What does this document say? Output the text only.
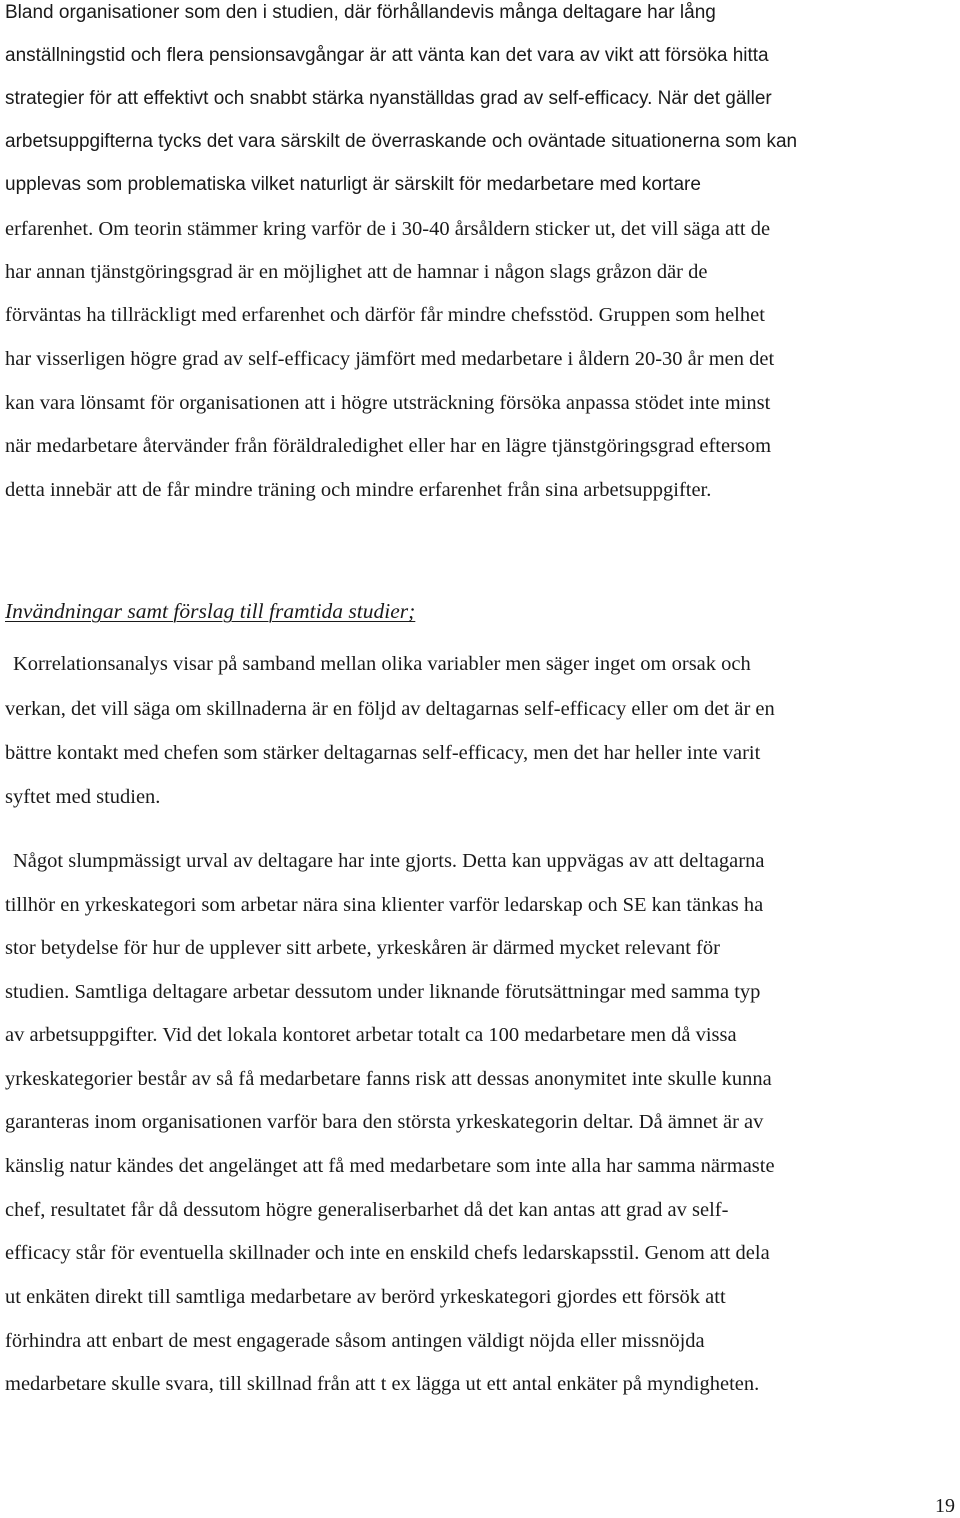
Bland organisationer som den i studien, där förhållandevis många deltagare har lång
anställningstid och flera pensionsavgångar är att vänta kan det vara av vikt att försöka hitta
strategier för att effektivt och snabbt stärka nyanställdas grad av self-efficacy. När det gäller
arbetsuppgifterna tycks det vara särskilt de överraskande och oväntade situationerna som kan
upplevas som problematiska vilket naturligt är särskilt för medarbetare med kortare
erfarenhet. Om teorin stämmer kring varför de i 30-40 årsåldern sticker ut, det vill säga att de
har annan tjänstgöringsgrad är en möjlighet att de hamnar i någon slags gråzon där de
förväntas ha tillräckligt med erfarenhet och därför får mindre chefsstöd. Gruppen som helhet
har visserligen högre grad av self-efficacy jämfört med medarbetare i åldern 20-30 år men det
kan vara lönsamt för organisationen att i högre utsträckning försöka anpassa stödet inte minst
när medarbetare återvänder från föräldraledighet eller har en lägre tjänstgöringsgrad eftersom
detta innebär att de får mindre träning och mindre erfarenhet från sina arbetsuppgifter.
Invändningar samt förslag till framtida studier;
Korrelationsanalys visar på samband mellan olika variabler men säger inget om orsak och
verkan, det vill säga om skillnaderna är en följd av deltagarnas self-efficacy eller om det är en
bättre kontakt med chefen som stärker deltagarnas self-efficacy, men det har heller inte varit
syftet med studien.
Något slumpmässigt urval av deltagare har inte gjorts. Detta kan uppvägas av att deltagarna
tillhör en yrkeskategori som arbetar nära sina klienter varför ledarskap och SE kan tänkas ha
stor betydelse för hur de upplever sitt arbete, yrkeskåren är därmed mycket relevant för
studien. Samtliga deltagare arbetar dessutom under liknande förutsättningar med samma typ
av arbetsuppgifter. Vid det lokala kontoret arbetar totalt ca 100 medarbetare men då vissa
yrkeskategorier består av så få medarbetare fanns risk att dessas anonymitet inte skulle kunna
garanteras inom organisationen varför bara den största yrkeskategorin deltar. Då ämnet är av
känslig natur kändes det angelänget att få med medarbetare som inte alla har samma närmaste
chef, resultatet får då dessutom högre generaliserbarhet då det kan antas att grad av self-
efficacy står för eventuella skillnader och inte en enskild chefs ledarskapsstil. Genom att dela
ut enkäten direkt till samtliga medarbetare av berörd yrkeskategori gjordes ett försök att
förhindra att enbart de mest engagerade såsom antingen väldigt nöjda eller missnöjda
medarbetare skulle svara, till skillnad från att t ex lägga ut ett antal enkäter på myndigheten.
19
